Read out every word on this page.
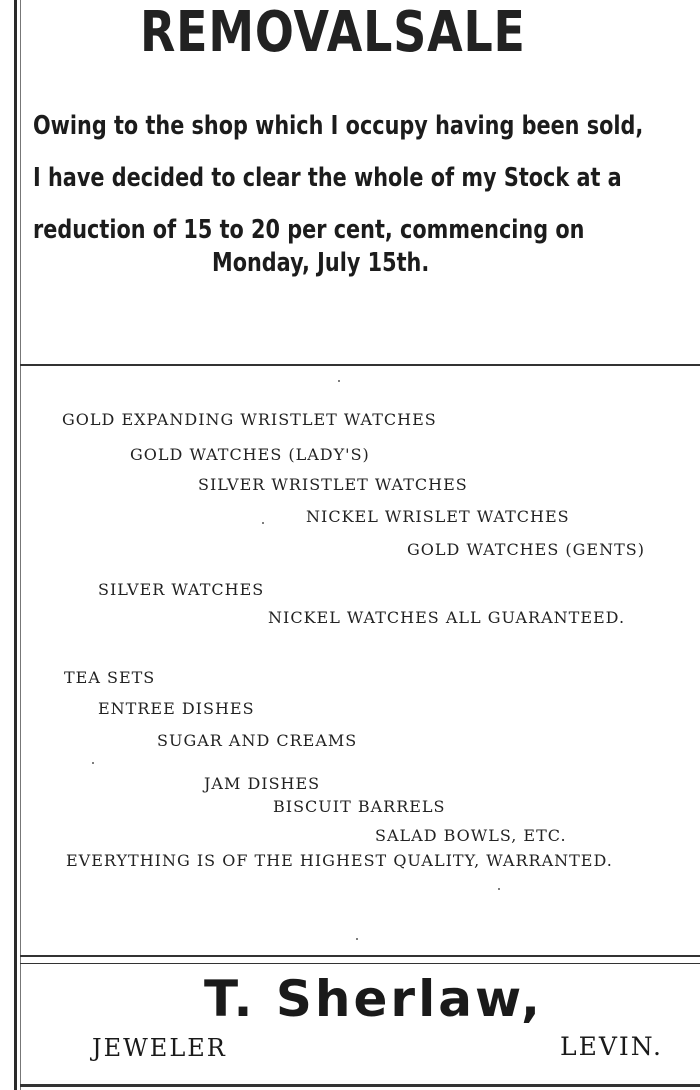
REMOVAL SALE
Owing to the shop which I occupy having been sold,
I have decided to clear the whole of my Stock at a
reduction of 15 to 20 per cent, commencing on
Monday, July 15th.
GOLD EXPANDING WRISTLET WATCHES
GOLD WATCHES (LADY'S)
SILVER WRISTLET WATCHES
NICKEL WRISLET WATCHES
GOLD WATCHES (GENTS)
SILVER WATCHES
NICKEL WATCHES ALL GUARANTEED.
TEA SETS
ENTREE DISHES
SUGAR AND CREAMS
JAM DISHES
BISCUIT BARRELS
SALAD BOWLS, ETC.
EVERYTHING IS OF THE HIGHEST QUALITY, WARRANTED.
T. Sherlaw,
JEWELER	LEVIN.
